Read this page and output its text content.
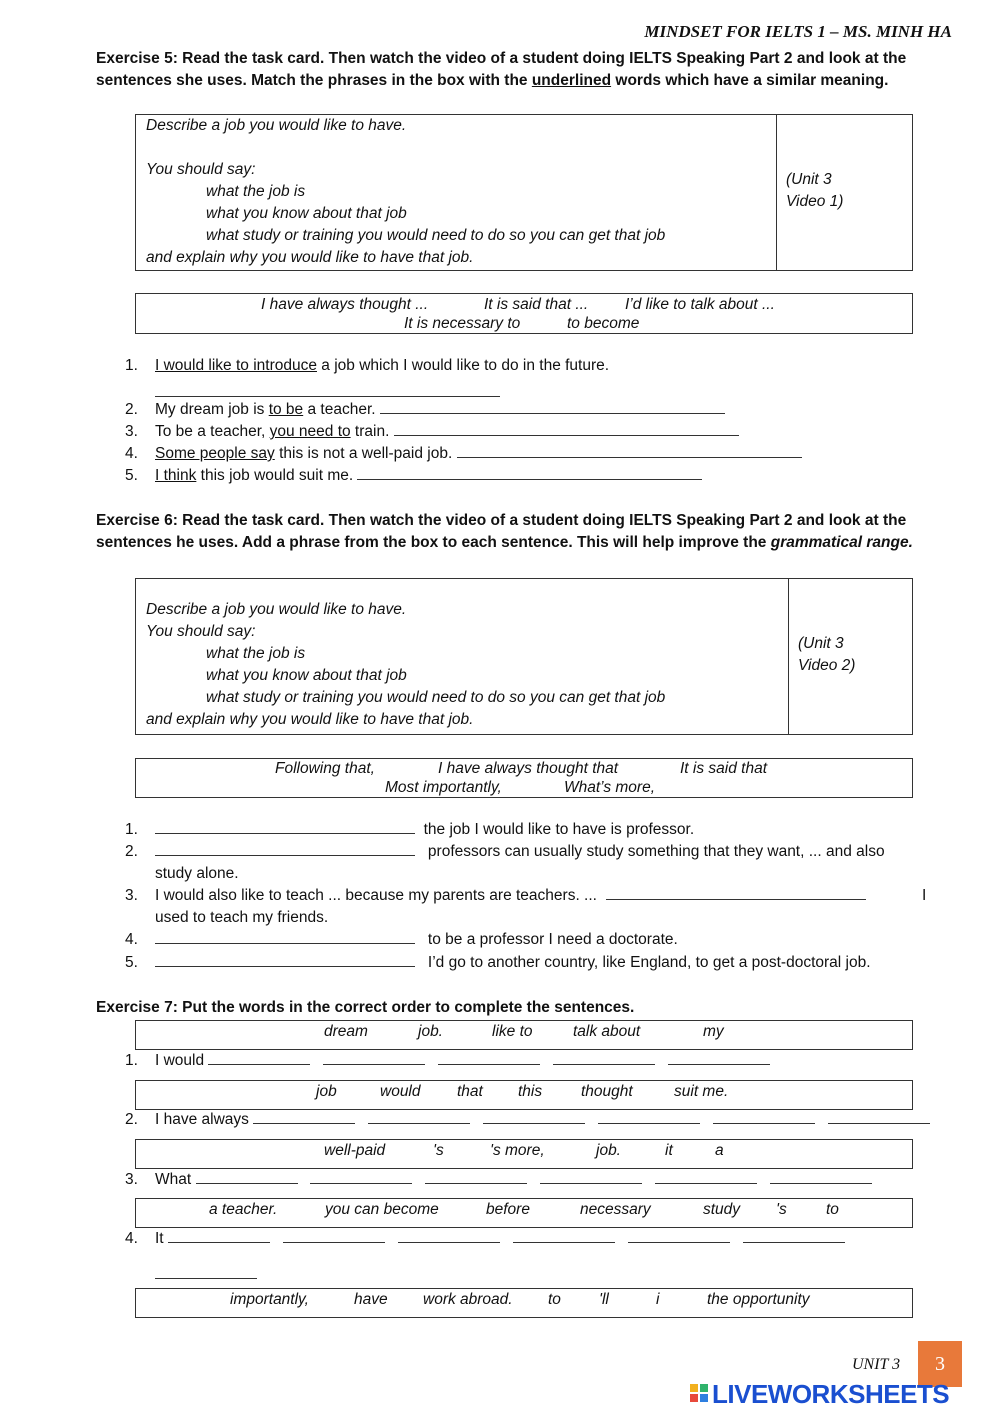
MINDSET FOR IELTS 1 – MS. MINH HA
Exercise 5: Read the task card. Then watch the video of a student doing IELTS Speaking Part 2 and look at the sentences she uses. Match the phrases in the box with the underlined words which have a similar meaning.
Describe a job you would like to have.
You should say:
what the job is
what you know about that job
what study or training you would need to do so you can get that job
and explain why you would like to have that job.
(Unit 3
Video 1)
I have always thought ...	It is said that ... I’d like to talk about ...
It is necessary to	to become
1.	I would like to introduce a job which I would like to do in the future.
2.	My dream job is to be a teacher.
3.	To be a teacher, you need to train.
4.	Some people say this is not a well-paid job.
5.	I think this job would suit me.
Exercise 6: Read the task card. Then watch the video of a student doing IELTS Speaking Part 2 and look at the sentences he uses. Add a phrase from the box to each sentence. This will help improve the grammatical range.
Describe a job you would like to have.
You should say:
what the job is
what you know about that job
what study or training you would need to do so you can get that job
and explain why you would like to have that job.
(Unit 3
Video 2)
Following that,	I have always thought that	It is said that
Most importantly,	What’s more,
1.	the job I would like to have is professor.
2.	professors can usually study something that they want, ... and also
study alone.
3.	I would also like to teach ... because my parents are teachers. ...	I
used to teach my friends.
4.	to be a professor I need a doctorate.
5.	I’d go to another country, like England, to get a post-doctoral job.
Exercise 7: Put the words in the correct order to complete the sentences.
dream	job.	like to	talk about	my
1.	I would
job	would that this	thought	suit me.
2.	I have always
well-paid	's	's more,	job.	it	a
3.	What
a teacher.	you can become	before	necessary	study 's	to
4.	It
importantly,	have work abroad. to 'll	i	the opportunity
UNIT 3	3
LIVEWORKSHEETS
